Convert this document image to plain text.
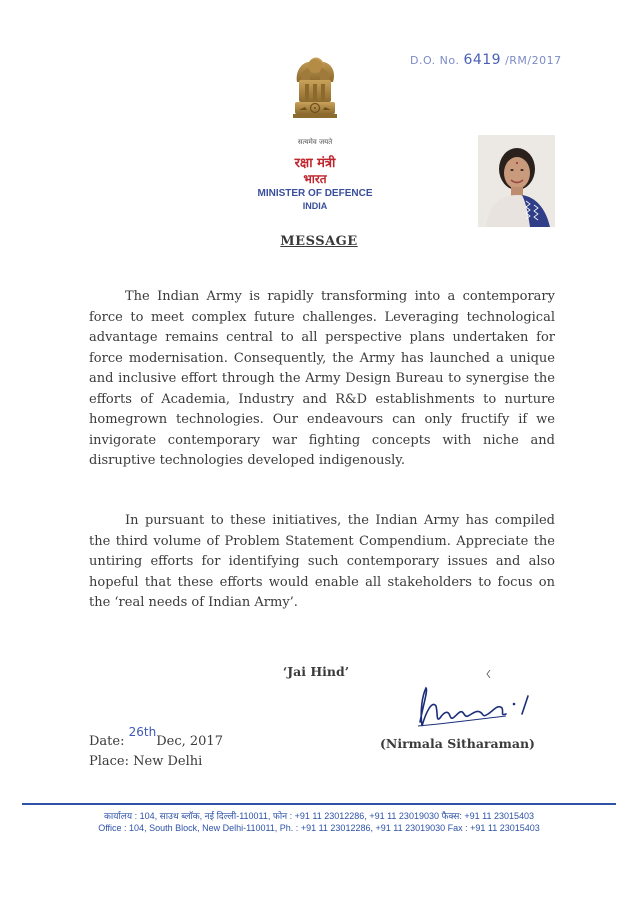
सत्यमेव जयते
D.O. No. 6419 /RM/2017
रक्षा मंत्री
भारत
MINISTER OF DEFENCE
INDIA
MESSAGE
The Indian Army is rapidly transforming into a contemporary force to meet complex future challenges. Leveraging technological advantage remains central to all perspective plans undertaken for force modernisation. Consequently, the Army has launched a unique and inclusive effort through the Army Design Bureau to synergise the efforts of Academia, Industry and R&D establishments to nurture homegrown technologies. Our endeavours can only fructify if we invigorate contemporary war fighting concepts with niche and disruptive technologies developed indigenously.
In pursuant to these initiatives, the Indian Army has compiled the third volume of Problem Statement Compendium. Appreciate the untiring efforts for identifying such contemporary issues and also hopeful that these efforts would enable all stakeholders to focus on the ‘real needs of Indian Army’.
‘Jai Hind’
Date: 26thDec, 2017
Place: New Delhi
(Nirmala Sitharaman)
कार्यालय : 104, साउथ ब्लॉक, नई दिल्ली-110011, फोन : +91 11 23012286, +91 11 23019030 फैक्स: +91 11 23015403
Office : 104, South Block, New Delhi-110011, Ph. : +91 11 23012286, +91 11 23019030 Fax : +91 11 23015403
